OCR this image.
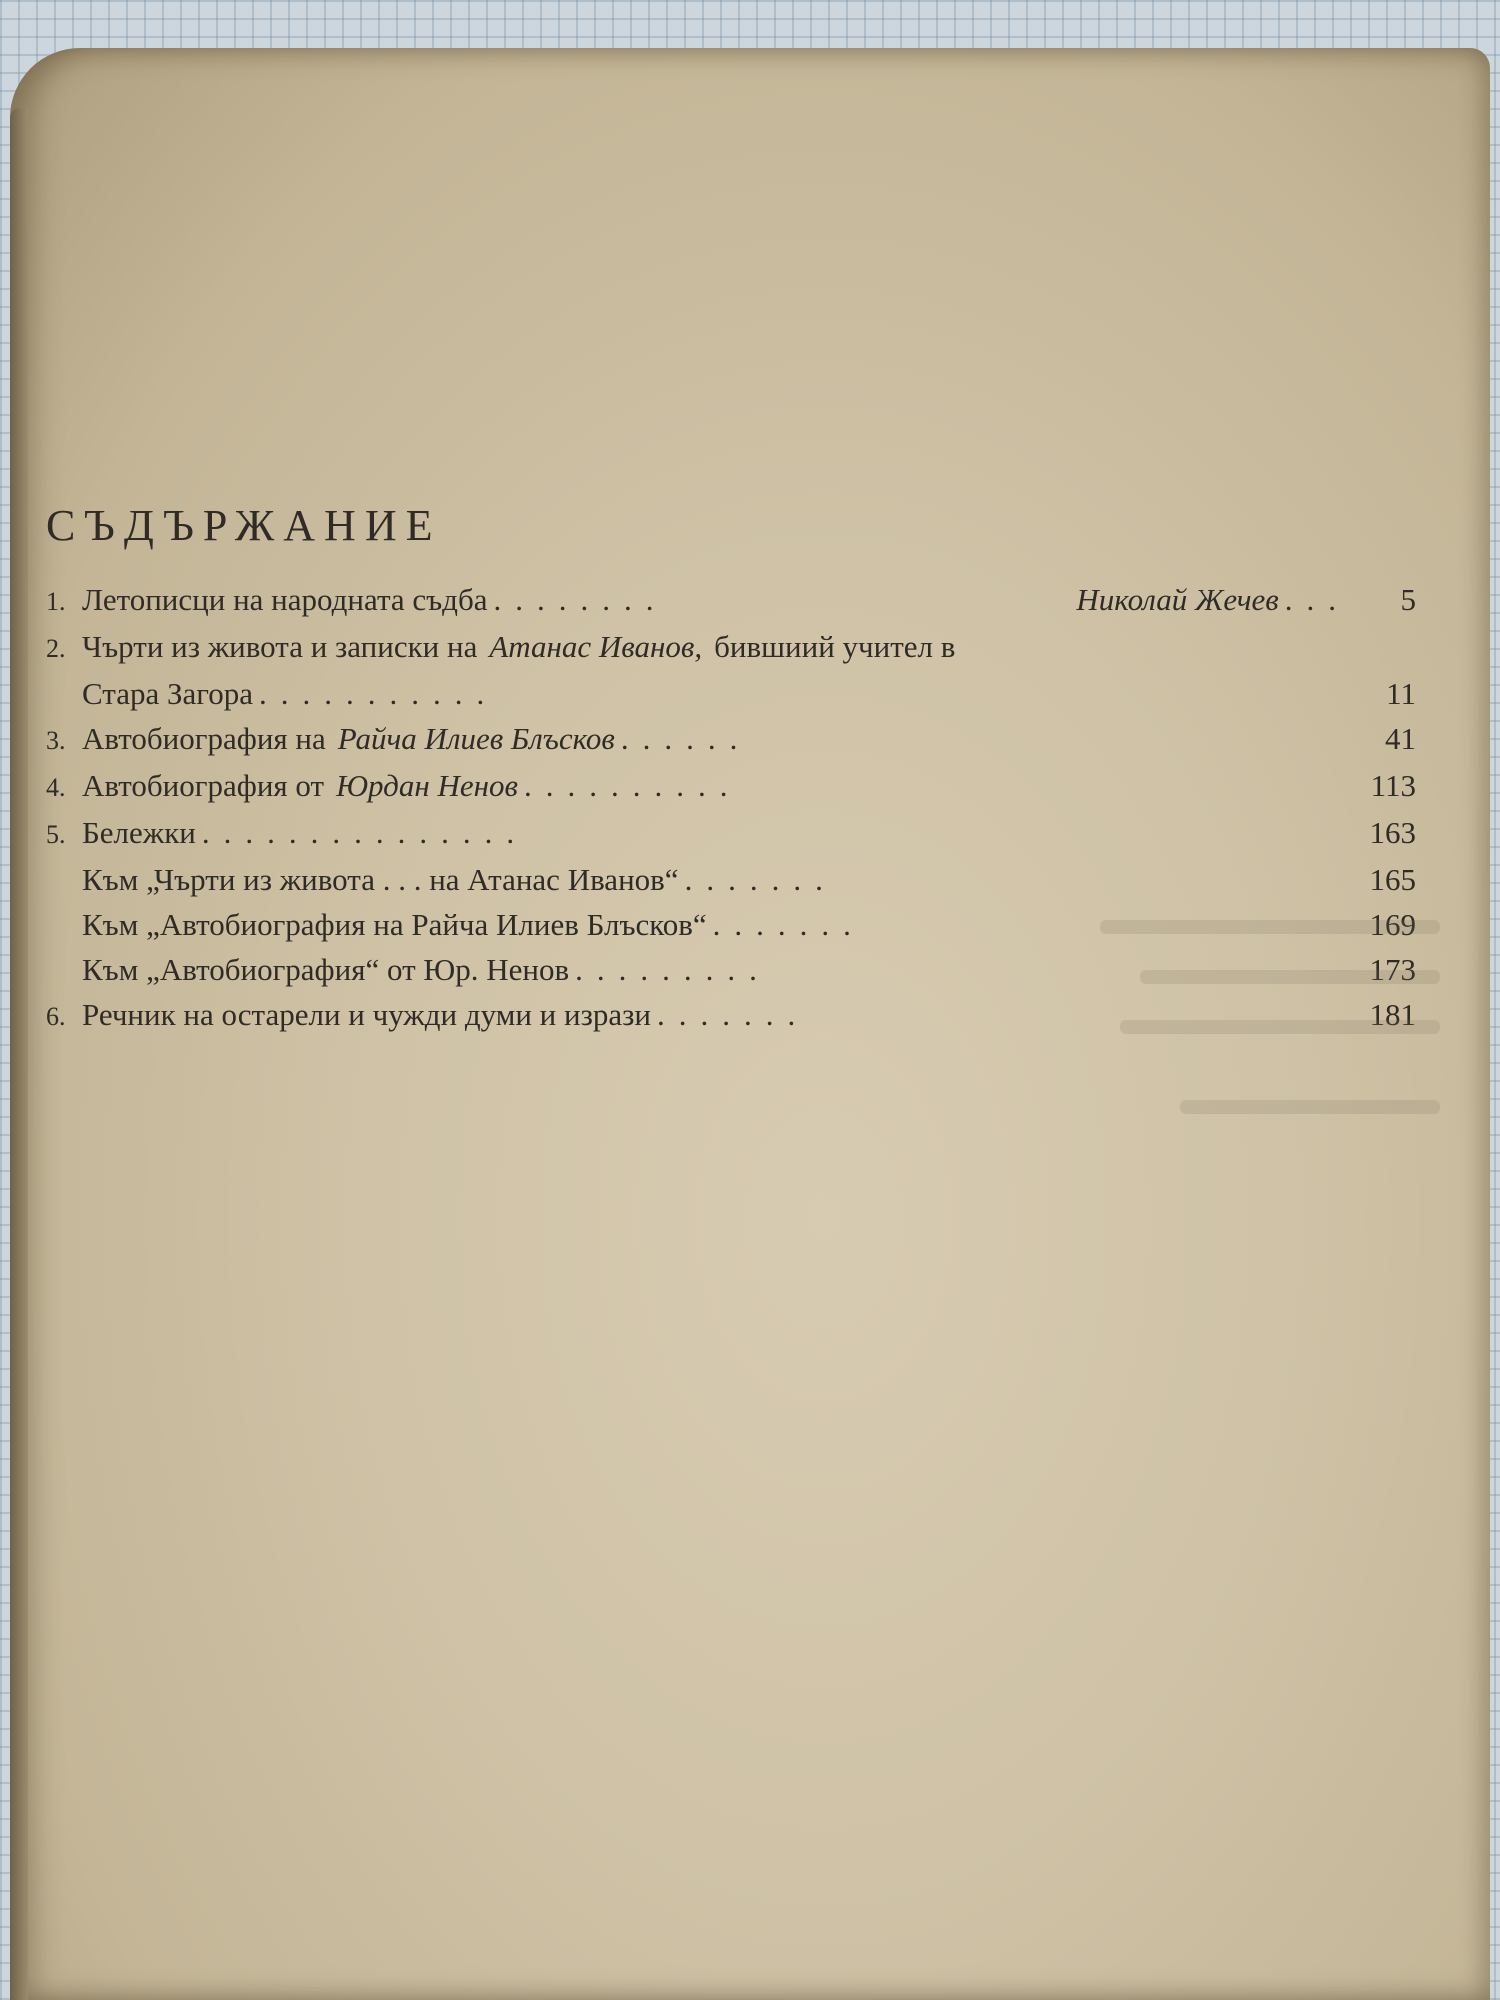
СЪДЪРЖАНИЕ
1. Летописци на народната съдба ........	Николай Жечев ...	5
2. Чърти из живота и записки на Атанас Иванов, бившиий учител в
Стара Загора ...........	11
3. Автобиография на Райча Илиев Блъсков ......	41
4. Автобиография от Юрдан Ненов ..........	113
5. Бележки ...............	163
Към „Чърти из живота . . . на Атанас Иванов“ .......	165
Към „Автобиография на Райча Илиев Блъсков“ .......	169
Към „Автобиография“ от Юр. Ненов .........	173
6. Речник на остарели и чужди думи и изрази .......	181
